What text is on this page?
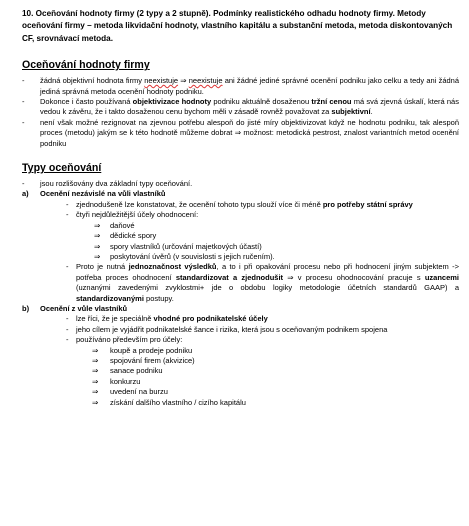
10. Oceňování hodnoty firmy (2 typy a 2 stupně). Podmínky realistického odhadu hodnoty firmy. Metody oceňování firmy – metoda likvidační hodnoty, vlastního kapitálu a substanční metoda, metoda diskontovaných CF, srovnávací metoda.
Oceňování hodnoty firmy

- žádná objektivní hodnota firmy neexistuje ⇒ neexistuje ani žádné jediné správné ocenění podniku jako celku a tedy ani žádná jediná správná metoda ocenění hodnoty podniku.

- Dokonce i často používaná objektivizace hodnoty podniku aktuálně dosaženou tržní cenou má svá zjevná úskalí, která nás vedou k závěru, že i takto dosaženou cenu bychom měli v zásadě rovněž považovat za subjektivní.

- není však možné rezignovat na zjevnou potřebu alespoň do jisté míry objektivizovat když ne hodnotu podniku, tak alespoň proces (metodu) jakým se k této hodnotě můžeme dobrat ⇒ možnost: metodická pestrost, znalost variantních metod ocenění podniku

Typy oceňování

- jsou rozlišovány dva základní typy oceňování.

a) Ocenění nezávislé na vůli vlastníků

- zjednodušeně lze konstatovat, že ocenění tohoto typu slouží více či méně pro potřeby státní správy

- čtyři nejdůležitější účely ohodnocení:

⇒ daňové

⇒ dědické spory

⇒ spory vlastníků (určování majetkových účastí)

⇒ poskytování úvěrů (v souvislosti s jejich ručením).

- Proto je nutná jednoznačnost výsledků, a to i při opakování procesu nebo při hodnocení jiným subjektem -> potřeba proces ohodnocení standardizovat a zjednodušit ⇒ v procesu ohodnocování pracuje s uzancemi (uznanými zavedenými zvyklostmi+ jde o obdobu logiky metodologie účetních standardů GAAP) a standardizovanými postupy.

b) Ocenění z vůle vlastníků

- lze říci, že je speciálně vhodné pro podnikatelské účely

- jeho cílem je vyjádřit podnikatelské šance i rizika, která jsou s oceňovaným podnikem spojena

- používáno především pro účely:

⇒ koupě a prodeje podniku

⇒ spojování firem (akvizice)

⇒ sanace podniku

⇒ konkurzu

⇒ uvedení na burzu

⇒ získání dalšího vlastního / cizího kapitálu
